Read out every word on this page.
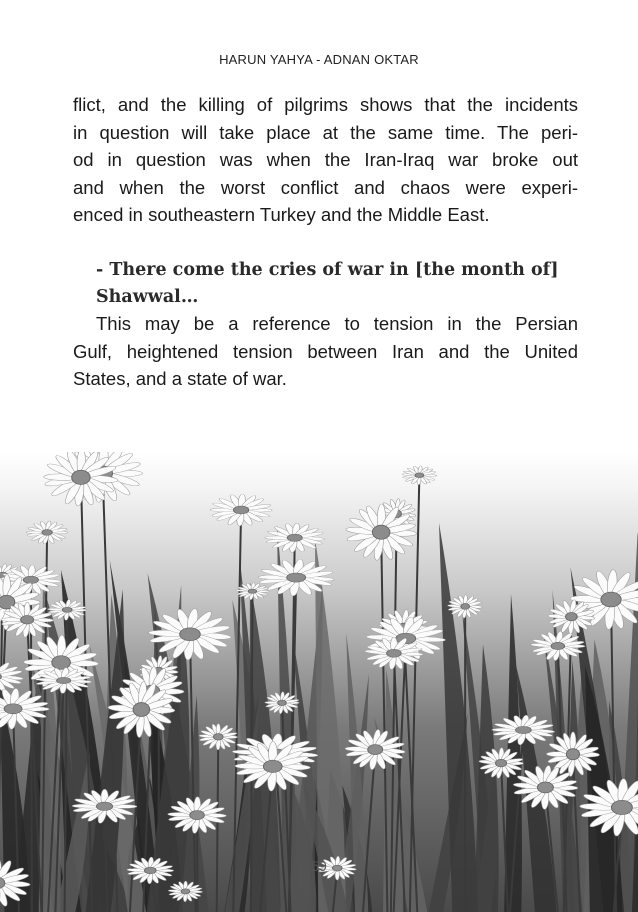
HARUN YAHYA - ADNAN OKTAR
flict, and the killing of pilgrims shows that the incidents
in question will take place at the same time. The peri-
od in question was when the Iran-Iraq war broke out
and when the worst conflict and chaos were experi-
enced in southeastern Turkey and the Middle East.
- There come the cries of war in [the month of]
Shawwal…
This may be a reference to tension in the Persian
Gulf, heightened tension between Iran and the United
States, and a state of war.
59
